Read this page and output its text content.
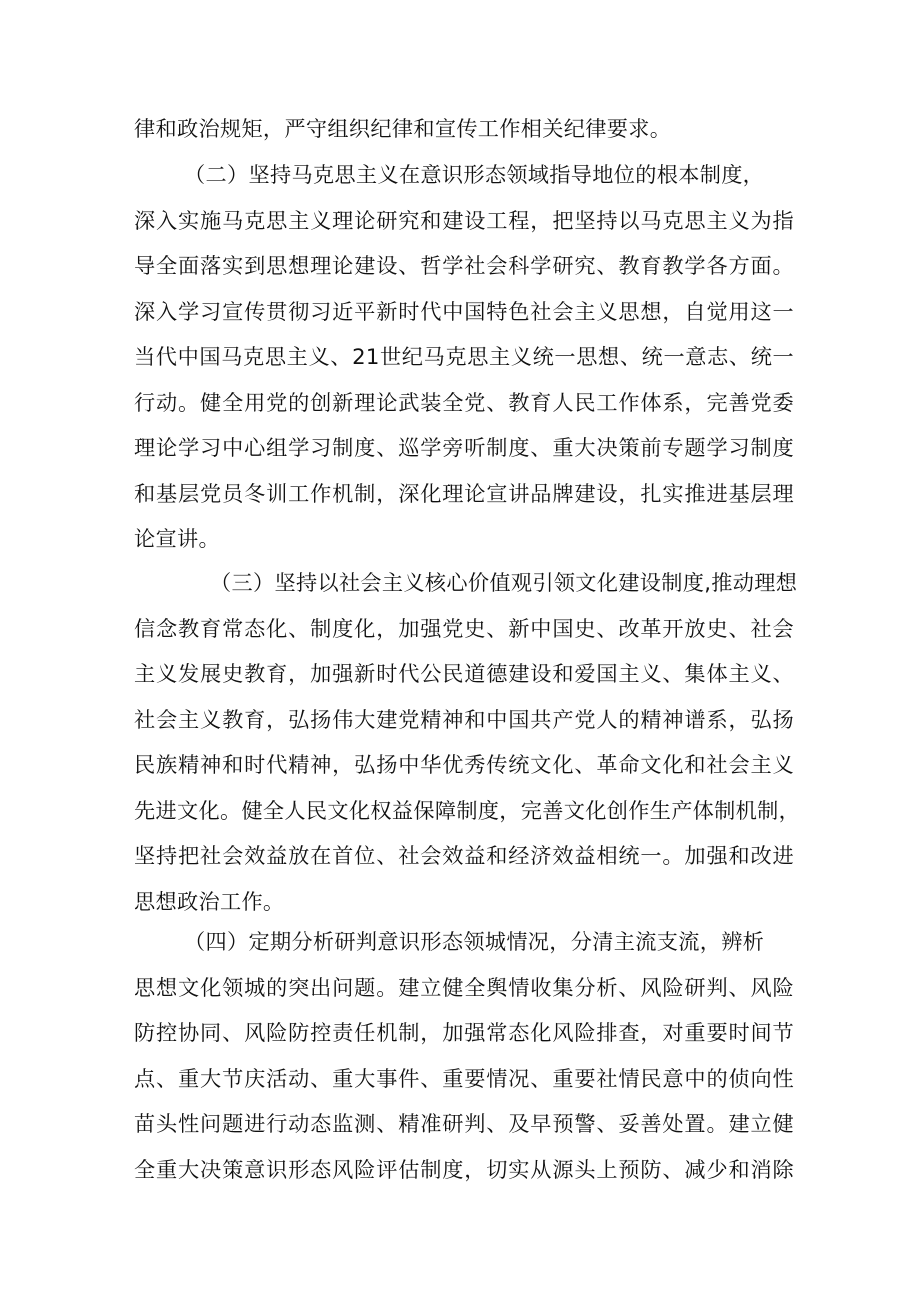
律和政治规矩，严守组织纪律和宣传工作相关纪律要求。
（二）坚持马克思主义在意识形态领域指导地位的根本制度，
深入实施马克思主义理论研究和建设工程，把坚持以马克思主义为指
导全面落实到思想理论建设、哲学社会科学研究、教育教学各方面。
深入学习宣传贯彻习近平新时代中国特色社会主义思想，自觉用这一
当代中国马克思主义、21世纪马克思主义统一思想、统一意志、统一
行动。健全用党的创新理论武装全党、教育人民工作体系，完善党委
理论学习中心组学习制度、巡学旁听制度、重大决策前专题学习制度
和基层党员冬训工作机制，深化理论宣讲品牌建设，扎实推进基层理
论宣讲。
（三）坚持以社会主义核心价值观引领文化建设制度,推动理想
信念教育常态化、制度化，加强党史、新中国史、改革开放史、社会
主义发展史教育，加强新时代公民道德建设和爱国主义、集体主义、
社会主义教育，弘扬伟大建党精神和中国共产党人的精神谱系，弘扬
民族精神和时代精神，弘扬中华优秀传统文化、革命文化和社会主义
先进文化。健全人民文化权益保障制度，完善文化创作生产体制机制，
坚持把社会效益放在首位、社会效益和经济效益相统一。加强和改进
思想政治工作。
（四）定期分析研判意识形态领城情况，分清主流支流，辨析
思想文化领城的突出问题。建立健全舆情收集分析、风险研判、风险
防控协同、风险防控责任机制，加强常态化风险排查，对重要时间节
点、重大节庆活动、重大事件、重要情况、重要社情民意中的侦向性
苗头性问题进行动态监测、精准研判、及早预警、妥善处置。建立健
全重大决策意识形态风险评估制度，切实从源头上预防、减少和消除
